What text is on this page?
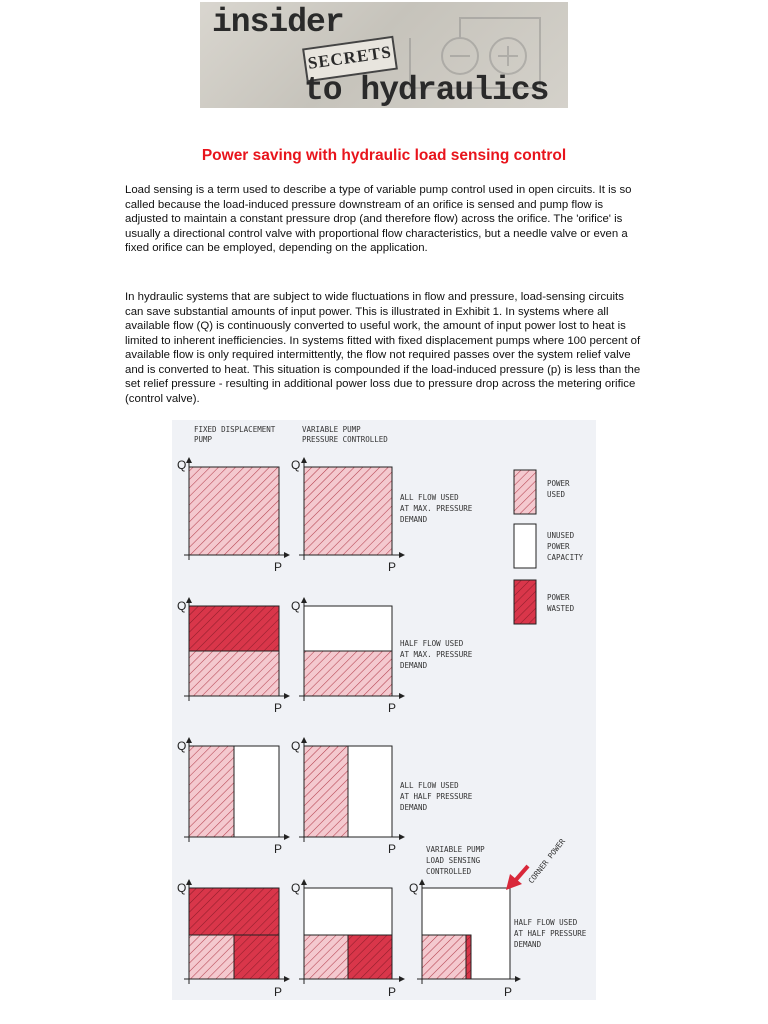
insider
SECRETS
to hydraulics
Power saving with hydraulic load sensing control

Load sensing is a term used to describe a type of variable pump control used in open circuits. It is so called because the load-induced pressure downstream of an orifice is sensed and pump flow is adjusted to maintain a constant pressure drop (and therefore flow) across the orifice. The 'orifice' is usually a directional control valve with proportional flow characteristics, but a needle valve or even a fixed orifice can be employed, depending on the application.

In hydraulic systems that are subject to wide fluctuations in flow and pressure, load-sensing circuits can save substantial amounts of input power. This is illustrated in Exhibit 1. In systems where all available flow (Q) is continuously converted to useful work, the amount of input power lost to heat is limited to inherent inefficiencies. In systems fitted with fixed displacement pumps where 100 percent of available flow is only required intermittently, the flow not required passes over the system relief valve and is converted to heat. This situation is compounded if the load-induced pressure (p) is less than the set relief pressure - resulting in additional power loss due to pressure drop across the metering orifice (control valve).

FIXED DISPLACEMENT
PUMP
VARIABLE PUMP
PRESSURE CONTROLLED
Q
P
Q
P
ALL FLOW USED
AT MAX. PRESSURE
DEMAND
POWER
USED
UNUSED
POWER
CAPACITY
POWER
WASTED
Q
P
Q
P
HALF FLOW USED
AT MAX. PRESSURE
DEMAND
Q
P
Q
P
ALL FLOW USED
AT HALF PRESSURE
DEMAND
VARIABLE PUMP
LOAD SENSING
CONTROLLED
Q
P
Q
P
Q
P
CORNER POWER
HALF FLOW USED
AT HALF PRESSURE
DEMAND
